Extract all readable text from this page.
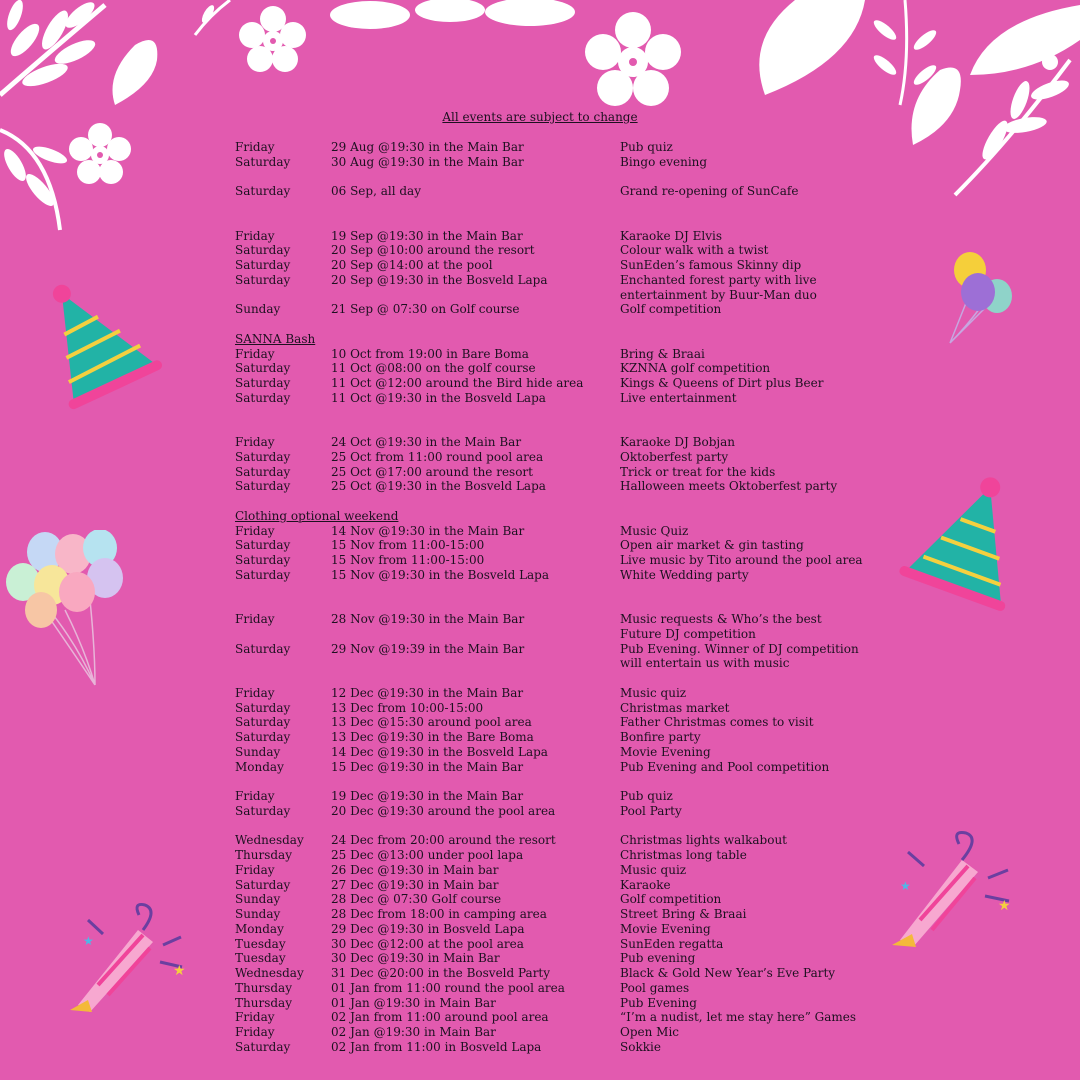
★
★
★
★
All events are subject to change
Friday	29 Aug @19:30 in the Main Bar	Pub quiz
Saturday	30 Aug @19:30 in the Main Bar	Bingo evening
Saturday	06 Sep, all day	Grand re-opening of SunCafe
Friday	19 Sep @19:30 in the Main Bar	Karaoke DJ Elvis
Saturday	20 Sep @10:00 around the resort	Colour walk with a twist
Saturday	20 Sep @14:00 at the pool	SunEden’s famous Skinny dip
Saturday	20 Sep @19:30 in the Bosveld Lapa	Enchanted forest party with live
entertainment by Buur-Man duo
Sunday	21 Sep @ 07:30 on Golf course	Golf competition
SANNA Bash
Friday	10 Oct from 19:00 in Bare Boma	Bring & Braai
Saturday	11 Oct @08:00 on the golf course	KZNNA golf competition
Saturday	11 Oct @12:00 around the Bird hide area	Kings & Queens of Dirt plus Beer
Saturday	11 Oct @19:30 in the Bosveld Lapa	Live entertainment
Friday	24 Oct @19:30 in the Main Bar	Karaoke DJ Bobjan
Saturday	25 Oct from 11:00 round pool area	Oktoberfest party
Saturday	25 Oct @17:00 around the resort	Trick or treat for the kids
Saturday	25 Oct @19:30 in the Bosveld Lapa	Halloween meets Oktoberfest party
Clothing optional weekend
Friday	14 Nov @19:30 in the Main Bar	Music Quiz
Saturday	15 Nov from 11:00-15:00	Open air market & gin tasting
Saturday	15 Nov from 11:00-15:00	Live music by Tito around the pool area
Saturday	15 Nov @19:30 in the Bosveld Lapa	White Wedding party
Friday	28 Nov @19:30 in the Main Bar	Music requests & Who’s the best
Future DJ competition
Saturday	29 Nov @19:39 in the Main Bar	Pub Evening. Winner of DJ competition
will entertain us with music
Friday	12 Dec @19:30 in the Main Bar	Music quiz
Saturday	13 Dec from 10:00-15:00	Christmas market
Saturday	13 Dec @15:30 around pool area	Father Christmas comes to visit
Saturday	13 Dec @19:30 in the Bare Boma	Bonfire party
Sunday	14 Dec @19:30 in the Bosveld Lapa	Movie Evening
Monday	15 Dec @19:30 in the Main Bar	Pub Evening and Pool competition
Friday	19 Dec @19:30 in the Main Bar	Pub quiz
Saturday	20 Dec @19:30 around the pool area	Pool Party
Wednesday 24 Dec from 20:00 around the resort	Christmas lights walkabout
Thursday	25 Dec @13:00 under pool lapa	Christmas long table
Friday	26 Dec @19:30 in Main bar	Music quiz
Saturday	27 Dec @19:30 in Main bar	Karaoke
Sunday	28 Dec @ 07:30 Golf course	Golf competition
Sunday	28 Dec from 18:00 in camping area	Street Bring & Braai
Monday	29 Dec @19:30 in Bosveld Lapa	Movie Evening
Tuesday	30 Dec @12:00 at the pool area	SunEden regatta
Tuesday	30 Dec @19:30 in Main Bar	Pub evening
Wednesday 31 Dec @20:00 in the Bosveld Party	Black & Gold New Year’s Eve Party
Thursday	01 Jan from 11:00 round the pool area	Pool games
Thursday	01 Jan @19:30 in Main Bar	Pub Evening
Friday	02 Jan from 11:00 around pool area	“I’m a nudist, let me stay here” Games
Friday	02 Jan @19:30 in Main Bar	Open Mic
Saturday	02 Jan from 11:00 in Bosveld Lapa	Sokkie
